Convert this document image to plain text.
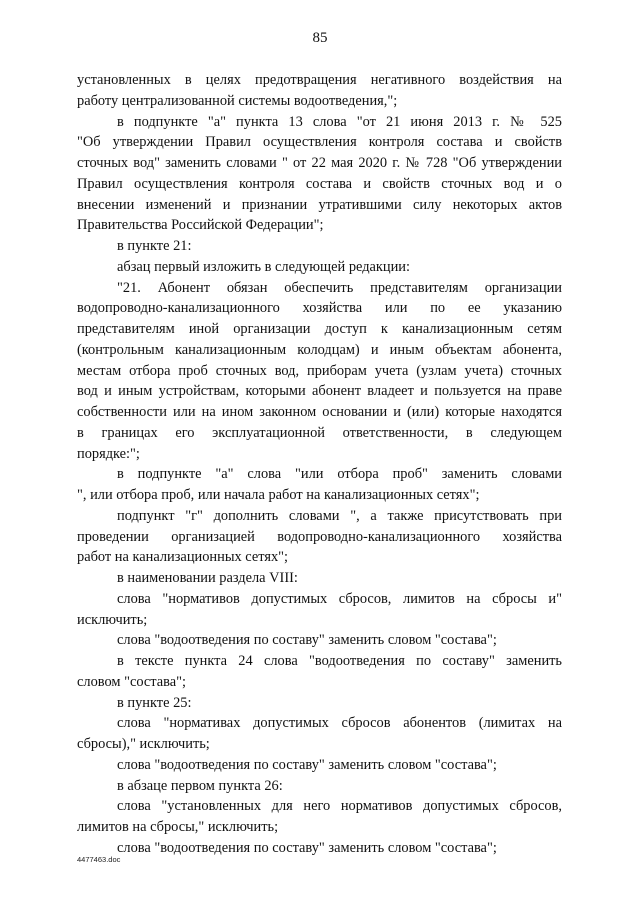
85
установленных в целях предотвращения негативного воздействия на
работу централизованной системы водоотведения,";
в подпункте "а" пункта 13 слова "от 21 июня 2013 г. № 525
"Об утверждении Правил осуществления контроля состава и свойств
сточных вод" заменить словами " от 22 мая 2020 г. № 728 "Об утверждении
Правил осуществления контроля состава и свойств сточных вод и о
внесении изменений и признании утратившими силу некоторых актов
Правительства Российской Федерации";
в пункте 21:
абзац первый изложить в следующей редакции:
"21. Абонент обязан обеспечить представителям организации
водопроводно-канализационного хозяйства или по ее указанию
представителям иной организации доступ к канализационным сетям
(контрольным канализационным колодцам) и иным объектам абонента,
местам отбора проб сточных вод, приборам учета (узлам учета) сточных
вод и иным устройствам, которыми абонент владеет и пользуется на праве
собственности или на ином законном основании и (или) которые находятся
в границах его эксплуатационной ответственности, в следующем
порядке:";
в подпункте "а" слова "или отбора проб" заменить словами
", или отбора проб, или начала работ на канализационных сетях";
подпункт "г" дополнить словами ", а также присутствовать при
проведении организацией водопроводно-канализационного хозяйства
работ на канализационных сетях";
в наименовании раздела VIII:
слова "нормативов допустимых сбросов, лимитов на сбросы и"
исключить;
слова "водоотведения по составу" заменить словом "состава";
в тексте пункта 24 слова "водоотведения по составу" заменить
словом "состава";
в пункте 25:
слова "нормативах допустимых сбросов абонентов (лимитах на
сбросы)," исключить;
слова "водоотведения по составу" заменить словом "состава";
в абзаце первом пункта 26:
слова "установленных для него нормативов допустимых сбросов,
лимитов на сбросы," исключить;
слова "водоотведения по составу" заменить словом "состава";
4477463.doc
